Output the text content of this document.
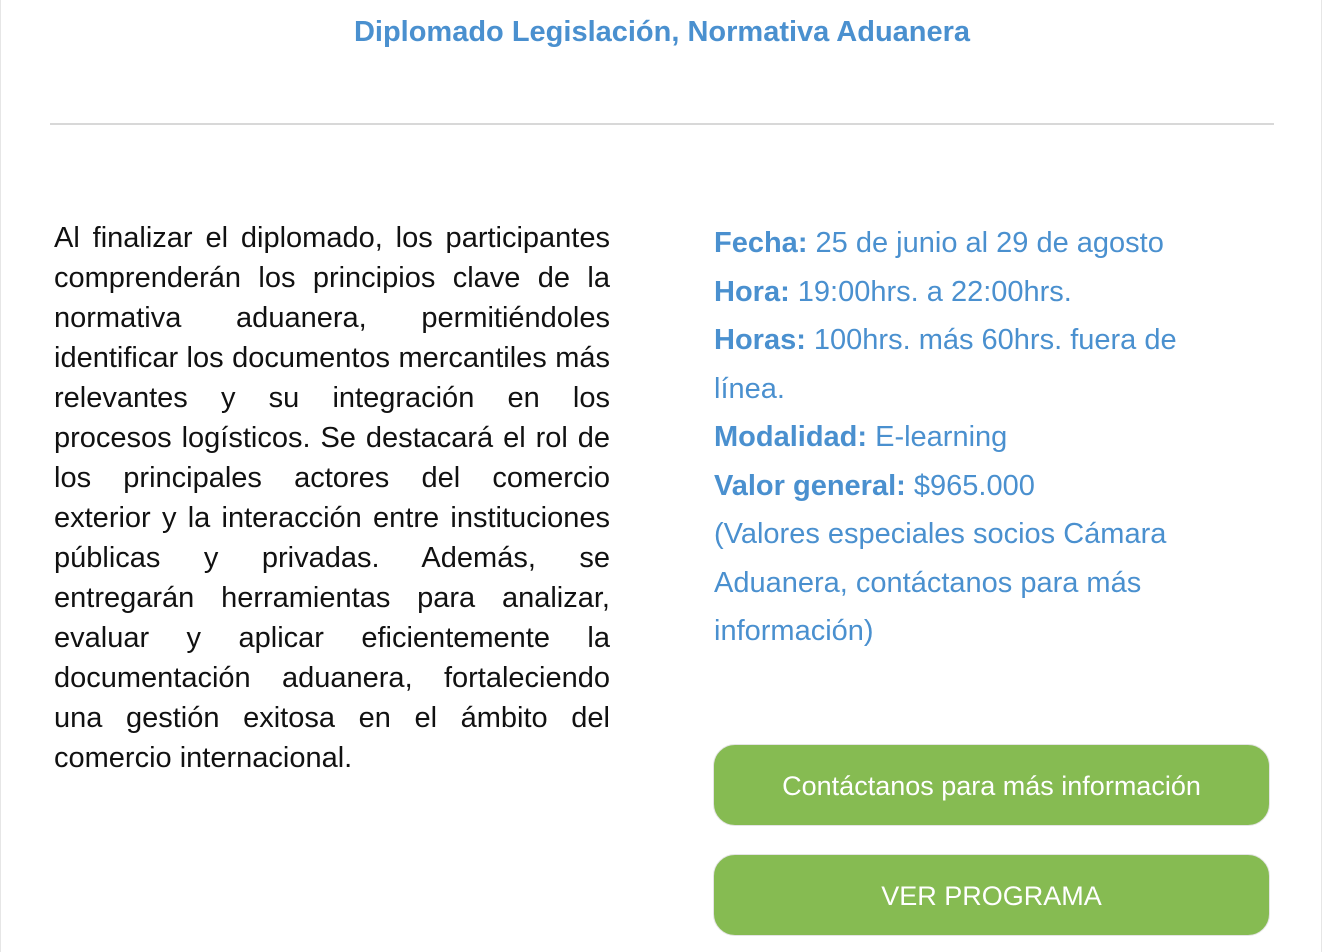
Diplomado Legislación, Normativa Aduanera

Al finalizar el diplomado, los participantes comprenderán los principios clave de la normativa aduanera, permitiéndoles identificar los documentos mercantiles más relevantes y su integración en los procesos logísticos. Se destacará el rol de los principales actores del comercio exterior y la interacción entre instituciones públicas y privadas. Además, se entregarán herramientas para analizar, evaluar y aplicar eficientemente la documentación aduanera, fortaleciendo una gestión exitosa en el ámbito del comercio internacional.

Fecha: 25 de junio al 29 de agosto

Hora: 19:00hrs. a 22:00hrs.

Horas: 100hrs. más 60hrs. fuera de línea.

Modalidad: E-learning

Valor general: $965.000

(Valores especiales socios Cámara Aduanera, contáctanos para más información)

Contáctanos para más información
VER PROGRAMA
